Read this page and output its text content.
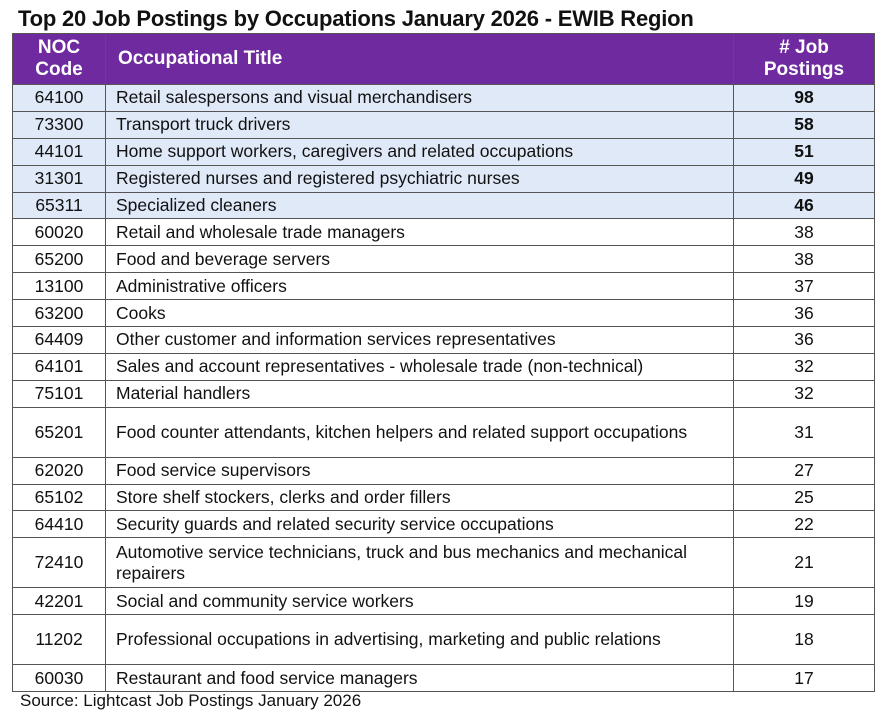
Top 20 Job Postings by Occupations January 2026 - EWIB Region
NOC
Code	Occupational Title	# Job
Postings
64100	Retail salespersons and visual merchandisers	98
73300	Transport truck drivers	58
44101	Home support workers, caregivers and related occupations	51
31301	Registered nurses and registered psychiatric nurses	49
65311	Specialized cleaners	46
60020	Retail and wholesale trade managers	38
65200	Food and beverage servers	38
13100	Administrative officers	37
63200	Cooks	36
64409	Other customer and information services representatives	36
64101	Sales and account representatives - wholesale trade (non-technical)	32
75101	Material handlers	32
65201	Food counter attendants, kitchen helpers and related support occupations	31
62020	Food service supervisors	27
65102	Store shelf stockers, clerks and order fillers	25
64410	Security guards and related security service occupations	22
72410	Automotive service technicians, truck and bus mechanics and mechanical repairers	21
42201	Social and community service workers	19
11202	Professional occupations in advertising, marketing and public relations	18
60030	Restaurant and food service managers	17
Source: Lightcast Job Postings January 2026
